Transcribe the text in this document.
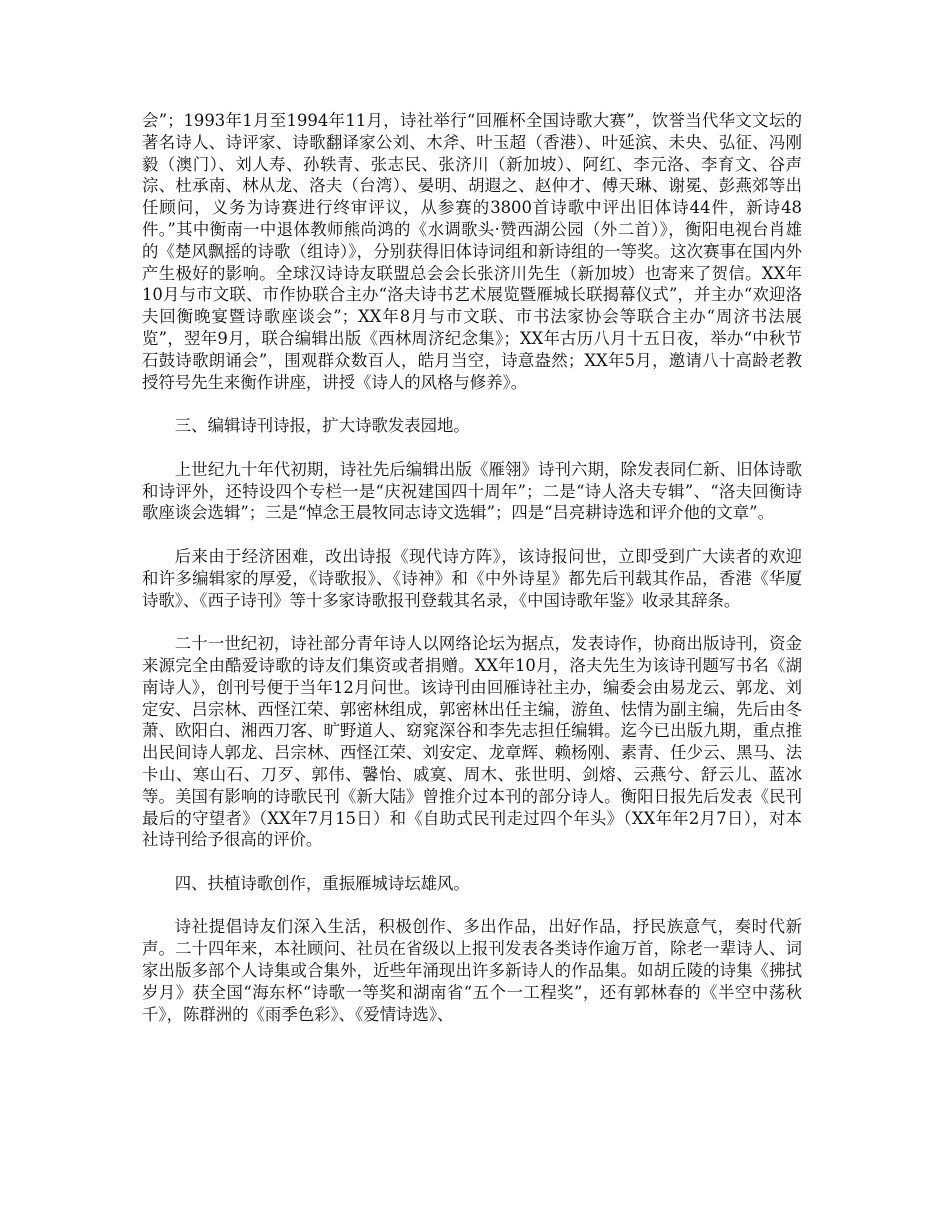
会”；1993年1月至1994年11月，诗社举行“回雁杯全国诗歌大赛”，饮誉当代华文文坛的著名诗人、诗评家、诗歌翻译家公刘、木斧、叶玉超（香港）、叶延滨、未央、弘征、冯刚毅（澳门）、刘人寿、孙轶青、张志民、张济川（新加坡）、阿红、李元洛、李育文、谷声淙、杜承南、林从龙、洛夫（台湾）、晏明、胡遐之、赵仲才、傅天琳、谢冕、彭燕郊等出任顾问，义务为诗赛进行终审评议，从参赛的3800首诗歌中评出旧体诗44件，新诗48件。”其中衡南一中退体教师熊尚鸿的《水调歌头·赞西湖公园（外二首）》，衡阳电视台肖雄的《楚风飘摇的诗歌（组诗）》，分别获得旧体诗词组和新诗组的一等奖。这次赛事在国内外产生极好的影响。全球汉诗诗友联盟总会会长张济川先生（新加坡）也寄来了贺信。XX年10月与市文联、市作协联合主办“洛夫诗书艺术展览暨雁城长联揭幕仪式”，并主办“欢迎洛夫回衡晚宴暨诗歌座谈会”；XX年8月与市文联、市书法家协会等联合主办“周济书法展览”，翌年9月，联合编辑出版《西林周济纪念集》；XX年古历八月十五日夜，举办“中秋节石鼓诗歌朗诵会”，围观群众数百人，皓月当空，诗意盎然；XX年5月，邀请八十高龄老教授符号先生来衡作讲座，讲授《诗人的风格与修养》。

三、编辑诗刊诗报，扩大诗歌发表园地。

上世纪九十年代初期，诗社先后编辑出版《雁翎》诗刊六期，除发表同仁新、旧体诗歌和诗评外，还特设四个专栏一是“庆祝建国四十周年”；二是“诗人洛夫专辑”、“洛夫回衡诗歌座谈会选辑”；三是“悼念王晨牧同志诗文选辑”；四是“吕亮耕诗选和评介他的文章”。

后来由于经济困难，改出诗报《现代诗方阵》，该诗报问世，立即受到广大读者的欢迎和许多编辑家的厚爱，《诗歌报》、《诗神》和《中外诗星》都先后刊载其作品，香港《华厦诗歌》、《西子诗刊》等十多家诗歌报刊登载其名录，《中国诗歌年鉴》收录其辞条。

二十一世纪初，诗社部分青年诗人以网络论坛为据点，发表诗作，协商出版诗刊，资金来源完全由酷爱诗歌的诗友们集资或者捐赠。XX年10月，洛夫先生为该诗刊题写书名《湖南诗人》，创刊号便于当年12月问世。该诗刊由回雁诗社主办，编委会由易龙云、郭龙、刘定安、吕宗林、西怪江荣、郭密林组成，郭密林出任主编，游鱼、怯情为副主编，先后由冬萧、欧阳白、湘西刀客、旷野道人、窈窕深谷和李先志担任编辑。迄今已出版九期，重点推出民间诗人郭龙、吕宗林、西怪江荣、刘安定、龙章辉、赖杨刚、素青、任少云、黑马、法卡山、寒山石、刀歹、郭伟、馨怡、戚寞、周木、张世明、剑熔、云燕兮、舒云儿、蓝冰等。美国有影响的诗歌民刊《新大陆》曾推介过本刊的部分诗人。衡阳日报先后发表《民刊最后的守望者》（XX年7月15日）和《自助式民刊走过四个年头》（XX年年2月7日），对本社诗刊给予很高的评价。

四、扶植诗歌创作，重振雁城诗坛雄风。

诗社提倡诗友们深入生活，积极创作、多出作品，出好作品，抒民族意气，奏时代新声。二十四年来，本社顾问、社员在省级以上报刊发表各类诗作逾万首，除老一辈诗人、词家出版多部个人诗集或合集外，近些年涌现出许多新诗人的作品集。如胡丘陵的诗集《拂拭岁月》获全国“海东杯“诗歌一等奖和湖南省“五个一工程奖”，还有郭林春的《半空中荡秋千》，陈群洲的《雨季色彩》、《爱情诗选》、
